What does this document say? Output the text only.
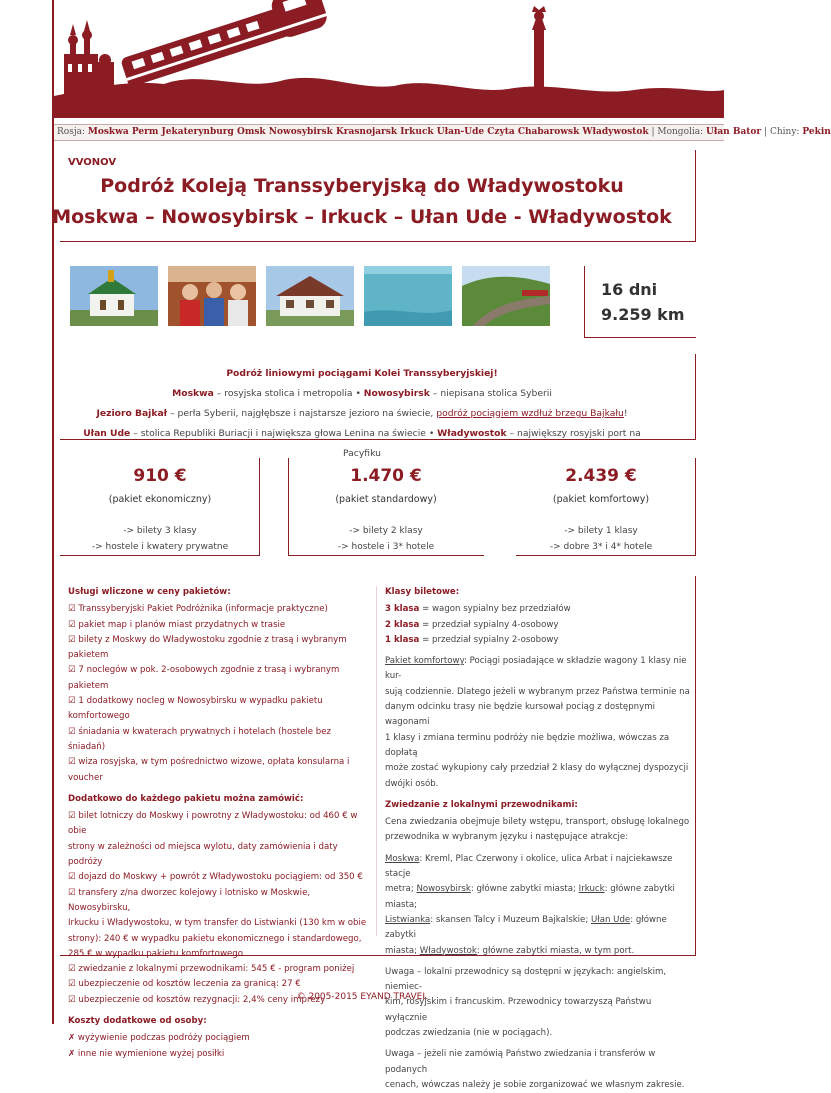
Rosja: Moskwa Perm Jekaterynburg Omsk Nowosybirsk Krasnojarsk Irkuck Ułan-Ude Czyta Chabarowsk Władywostok | Mongolia: Ułan Bator | Chiny: Pekin
VVONOV
Podróż Koleją Transsyberyjską do Władywostoku
Moskwa – Nowosybirsk – Irkuck – Ułan Ude - Władywostok
16 dni
9.259 km
Podróż liniowymi pociągami Kolei Transsyberyjskiej!
Moskwa – rosyjska stolica i metropolia • Nowosybirsk – niepisana stolica Syberii
Jezioro Bajkał – perła Syberii, najgłębsze i najstarsze jezioro na świecie, podróż pociągiem wzdłuż brzegu Bajkału!
Ułan Ude – stolica Republiki Buriacji i największa głowa Lenina na świecie • Władywostok – największy rosyjski port na Pacyfiku
910 €
(pakiet ekonomiczny)
-> bilety 3 klasy
-> hostele i kwatery prywatne
1.470 €
(pakiet standardowy)
-> bilety 2 klasy
-> hostele i 3* hotele
2.439 €
(pakiet komfortowy)
-> bilety 1 klasy
-> dobre 3* i 4* hotele
Usługi wliczone w ceny pakietów:
☑ Transsyberyjski Pakiet Podróżnika (informacje praktyczne)
☑ pakiet map i planów miast przydatnych w trasie
☑ bilety z Moskwy do Władywostoku zgodnie z trasą i wybranym pakietem
☑ 7 noclegów w pok. 2-osobowych zgodnie z trasą i wybranym pakietem
☑ 1 dodatkowy nocleg w Nowosybirsku w wypadku pakietu komfortowego
☑ śniadania w kwaterach prywatnych i hotelach (hostele bez śniadań)
☑ wiza rosyjska, w tym pośrednictwo wizowe, opłata konsularna i voucher
Dodatkowo do każdego pakietu można zamówić:
☑ bilet lotniczy do Moskwy i powrotny z Władywostoku: od 460 € w obie
strony w zależności od miejsca wylotu, daty zamówienia i daty podróży
☑ dojazd do Moskwy + powrót z Władywostoku pociągiem: od 350 €
☑ transfery z/na dworzec kolejowy i lotnisko w Moskwie, Nowosybirsku,
Irkucku i Władywostoku, w tym transfer do Listwianki (130 km w obie
strony): 240 € w wypadku pakietu ekonomicznego i standardowego,
285 € w wypadku pakietu komfortowego
☑ zwiedzanie z lokalnymi przewodnikami: 545 € - program poniżej
☑ ubezpieczenie od kosztów leczenia za granicą: 27 €
☑ ubezpieczenie od kosztów rezygnacji: 2,4% ceny imprezy
Koszty dodatkowe od osoby:
✗ wyżywienie podczas podróży pociągiem
✗ inne nie wymienione wyżej posiłki
Klasy biletowe:
3 klasa = wagon sypialny bez przedziałów
2 klasa = przedział sypialny 4-osobowy
1 klasa = przedział sypialny 2-osobowy
Pakiet komfortowy: Pociągi posiadające w składzie wagony 1 klasy nie kur-
sują codziennie. Dlatego jeżeli w wybranym przez Państwa terminie na
danym odcinku trasy nie będzie kursował pociąg z dostępnymi wagonami
1 klasy i zmiana terminu podróży nie będzie możliwa, wówczas za dopłatą
może zostać wykupiony cały przedział 2 klasy do wyłącznej dyspozycji
dwójki osób.
Zwiedzanie z lokalnymi przewodnikami:
Cena zwiedzania obejmuje bilety wstępu, transport, obsługę lokalnego
przewodnika w wybranym języku i następujące atrakcje:
Moskwa: Kreml, Plac Czerwony i okolice, ulica Arbat i najciekawsze stacje
metra; Nowosybirsk: główne zabytki miasta; Irkuck: główne zabytki miasta;
Listwianka: skansen Talcy i Muzeum Bajkalskie; Ułan Ude: główne zabytki
miasta; Władywostok: główne zabytki miasta, w tym port.
Uwaga – lokalni przewodnicy są dostępni w językach: angielskim, niemiec-
kim, rosyjskim i francuskim. Przewodnicy towarzyszą Państwu wyłącznie
podczas zwiedzania (nie w pociągach).
Uwaga – jeżeli nie zamówią Państwo zwiedzania i transferów w podanych
cenach, wówczas należy je sobie zorganizować we własnym zakresie.
© 2005-2015 EYAND TRAVEL
